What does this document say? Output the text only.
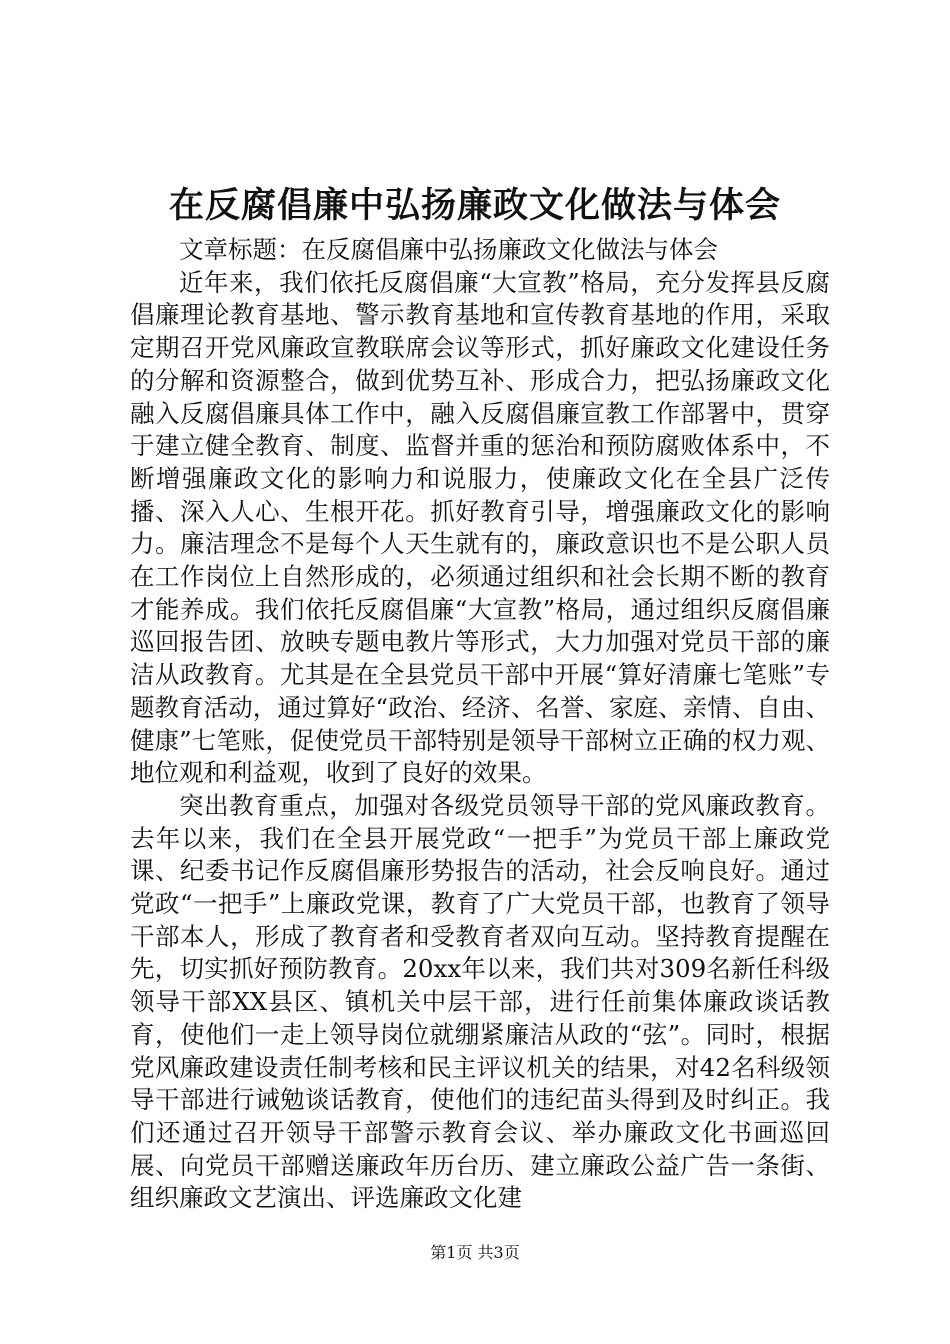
在反腐倡廉中弘扬廉政文化做法与体会

文章标题：在反腐倡廉中弘扬廉政文化做法与体会

近年来，我们依托反腐倡廉“大宣教”格局，充分发挥县反腐倡廉理论教育基地、警示教育基地和宣传教育基地的作用，采取定期召开党风廉政宣教联席会议等形式，抓好廉政文化建设任务的分解和资源整合，做到优势互补、形成合力，把弘扬廉政文化融入反腐倡廉具体工作中，融入反腐倡廉宣教工作部署中，贯穿于建立健全教育、制度、监督并重的惩治和预防腐败体系中，不断增强廉政文化的影响力和说服力，使廉政文化在全县广泛传播、深入人心、生根开花。抓好教育引导，增强廉政文化的影响力。廉洁理念不是每个人天生就有的，廉政意识也不是公职人员在工作岗位上自然形成的，必须通过组织和社会长期不断的教育才能养成。我们依托反腐倡廉“大宣教”格局，通过组织反腐倡廉巡回报告团、放映专题电教片等形式，大力加强对党员干部的廉洁从政教育。尤其是在全县党员干部中开展“算好清廉七笔账”专题教育活动，通过算好“政治、经济、名誉、家庭、亲情、自由、健康”七笔账，促使党员干部特别是领导干部树立正确的权力观、地位观和利益观，收到了良好的效果。

突出教育重点，加强对各级党员领导干部的党风廉政教育。去年以来，我们在全县开展党政“一把手”为党员干部上廉政党课、纪委书记作反腐倡廉形势报告的活动，社会反响良好。通过党政“一把手”上廉政党课，教育了广大党员干部，也教育了领导干部本人，形成了教育者和受教育者双向互动。坚持教育提醒在先，切实抓好预防教育。20xx年以来，我们共对309名新任科级领导干部XX县区、镇机关中层干部，进行任前集体廉政谈话教育，使他们一走上领导岗位就绷紧廉洁从政的“弦”。同时，根据党风廉政建设责任制考核和民主评议机关的结果，对42名科级领导干部进行诫勉谈话教育，使他们的违纪苗头得到及时纠正。我们还通过召开领导干部警示教育会议、举办廉政文化书画巡回展、向党员干部赠送廉政年历台历、建立廉政公益广告一条街、组织廉政文艺演出、评选廉政文化建

第1页 共3页
